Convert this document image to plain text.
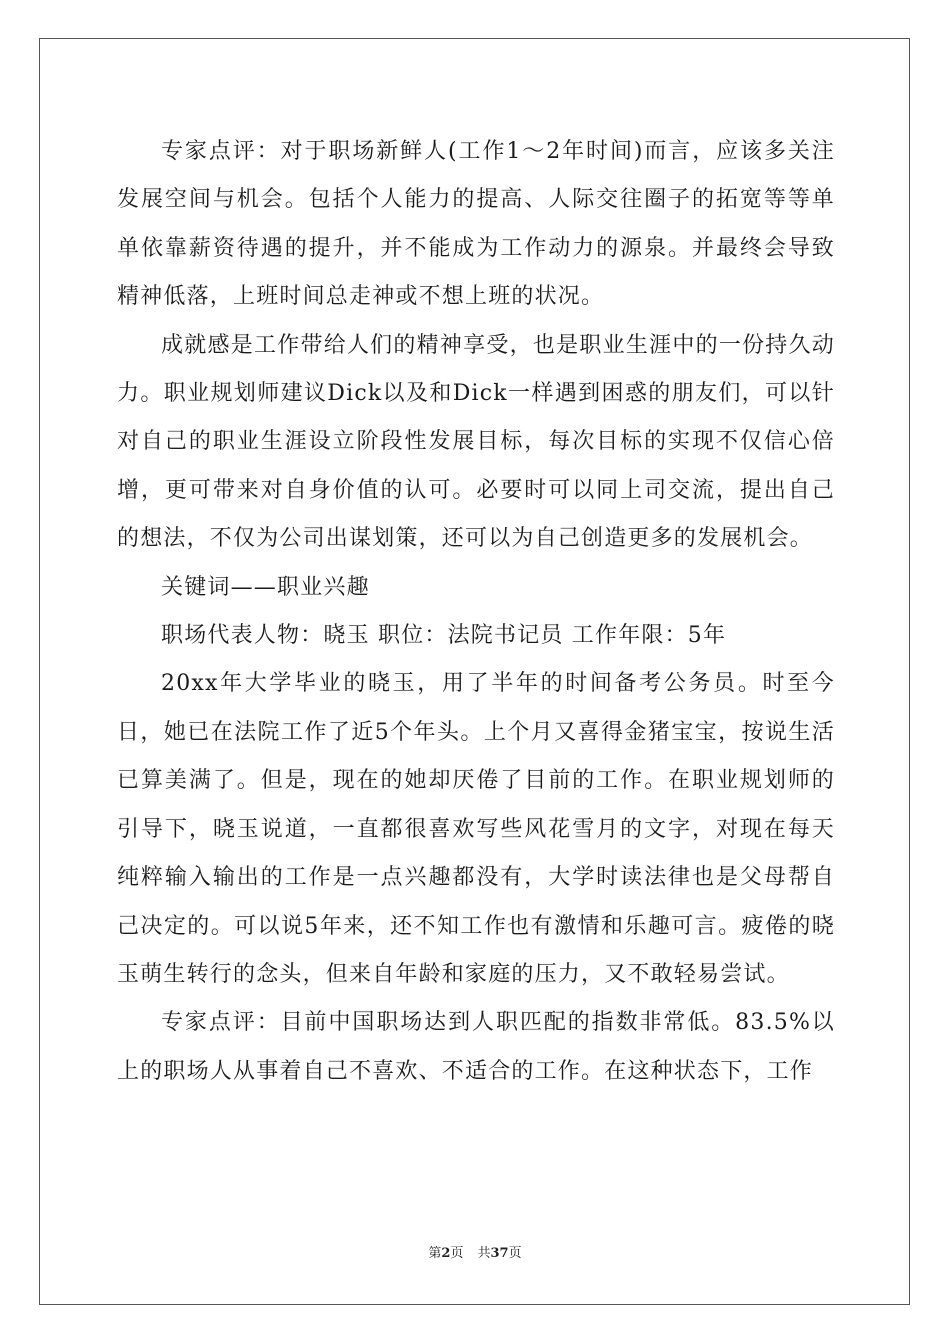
专家点评：对于职场新鲜人(工作1～2年时间)而言，应该多关注发展空间与机会。包括个人能力的提高、人际交往圈子的拓宽等等单单依靠薪资待遇的提升，并不能成为工作动力的源泉。并最终会导致精神低落，上班时间总走神或不想上班的状况。

成就感是工作带给人们的精神享受，也是职业生涯中的一份持久动力。职业规划师建议Dick以及和Dick一样遇到困惑的朋友们，可以针对自己的职业生涯设立阶段性发展目标，每次目标的实现不仅信心倍增，更可带来对自身价值的认可。必要时可以同上司交流，提出自己的想法，不仅为公司出谋划策，还可以为自己创造更多的发展机会。

关键词——职业兴趣

职场代表人物：晓玉 职位：法院书记员 工作年限：5年

20xx年大学毕业的晓玉，用了半年的时间备考公务员。时至今日，她已在法院工作了近5个年头。上个月又喜得金猪宝宝，按说生活已算美满了。但是，现在的她却厌倦了目前的工作。在职业规划师的引导下，晓玉说道，一直都很喜欢写些风花雪月的文字，对现在每天纯粹输入输出的工作是一点兴趣都没有，大学时读法律也是父母帮自己决定的。可以说5年来，还不知工作也有激情和乐趣可言。疲倦的晓玉萌生转行的念头，但来自年龄和家庭的压力，又不敢轻易尝试。

专家点评：目前中国职场达到人职匹配的指数非常低。83.5%以上的职场人从事着自己不喜欢、不适合的工作。在这种状态下，工作

第2页 共37页
